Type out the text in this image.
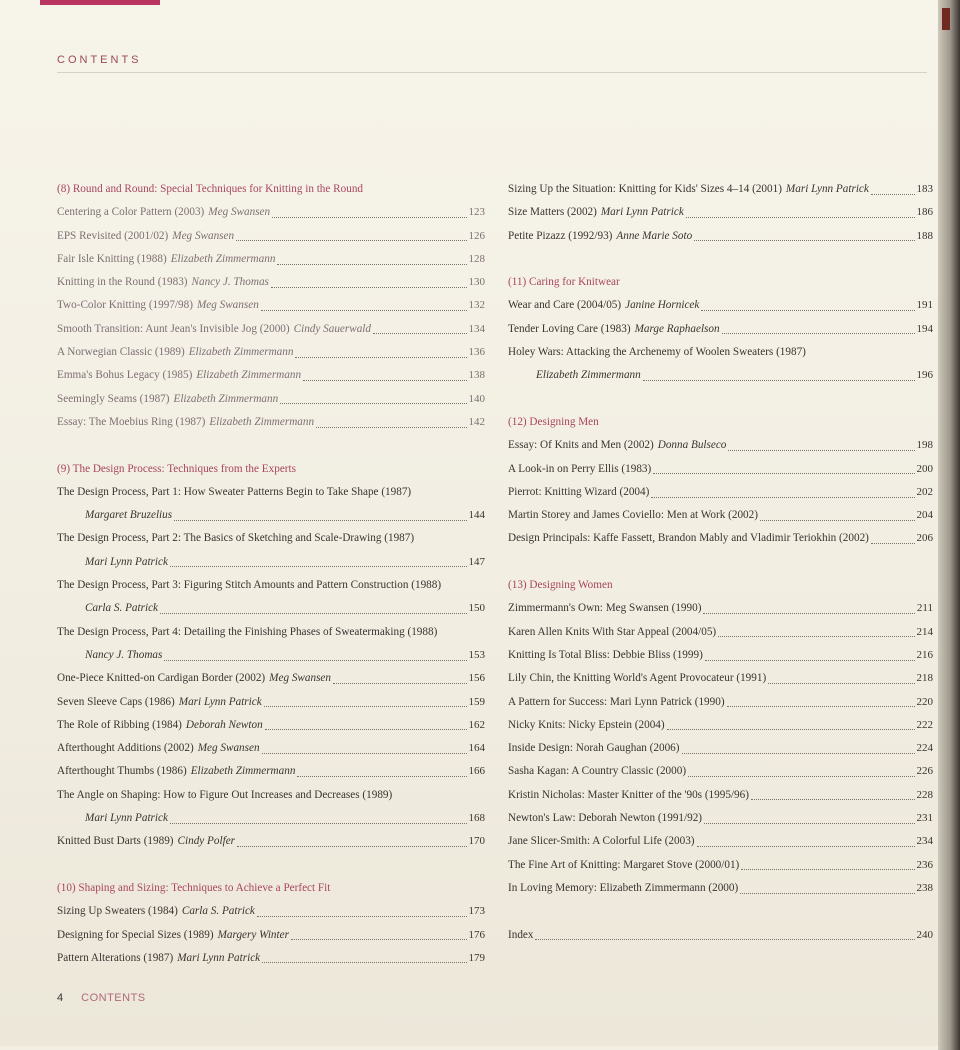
CONTENTS
(8) Round and Round: Special Techniques for Knitting in the Round
Centering a Color Pattern (2003) Meg Swansen	123
EPS Revisited (2001/02) Meg Swansen	126
Fair Isle Knitting (1988) Elizabeth Zimmermann	128
Knitting in the Round (1983) Nancy J. Thomas	130
Two-Color Knitting (1997/98) Meg Swansen	132
Smooth Transition: Aunt Jean's Invisible Jog (2000) Cindy Sauerwald	134
A Norwegian Classic (1989) Elizabeth Zimmermann	136
Emma's Bohus Legacy (1985) Elizabeth Zimmermann	138
Seemingly Seams (1987) Elizabeth Zimmermann	140
Essay: The Moebius Ring (1987) Elizabeth Zimmermann	142
(9) The Design Process: Techniques from the Experts
The Design Process, Part 1: How Sweater Patterns Begin to Take Shape (1987)
Margaret Bruzelius	144
The Design Process, Part 2: The Basics of Sketching and Scale-Drawing (1987)
Mari Lynn Patrick	147
The Design Process, Part 3: Figuring Stitch Amounts and Pattern Construction (1988)
Carla S. Patrick	150
The Design Process, Part 4: Detailing the Finishing Phases of Sweatermaking (1988)
Nancy J. Thomas	153
One-Piece Knitted-on Cardigan Border (2002) Meg Swansen	156
Seven Sleeve Caps (1986) Mari Lynn Patrick	159
The Role of Ribbing (1984) Deborah Newton	162
Afterthought Additions (2002) Meg Swansen	164
Afterthought Thumbs (1986) Elizabeth Zimmermann	166
The Angle on Shaping: How to Figure Out Increases and Decreases (1989)
Mari Lynn Patrick	168
Knitted Bust Darts (1989) Cindy Polfer	170
(10) Shaping and Sizing: Techniques to Achieve a Perfect Fit
Sizing Up Sweaters (1984) Carla S. Patrick	173
Designing for Special Sizes (1989) Margery Winter	176
Pattern Alterations (1987) Mari Lynn Patrick	179
Sizing Up the Situation: Knitting for Kids' Sizes 4–14 (2001) Mari Lynn Patrick	183
Size Matters (2002) Mari Lynn Patrick	186
Petite Pizazz (1992/93) Anne Marie Soto	188
(11) Caring for Knitwear
Wear and Care (2004/05) Janine Hornicek	191
Tender Loving Care (1983) Marge Raphaelson	194
Holey Wars: Attacking the Archenemy of Woolen Sweaters (1987)
Elizabeth Zimmermann	196
(12) Designing Men
Essay: Of Knits and Men (2002) Donna Bulseco	198
A Look-in on Perry Ellis (1983)	200
Pierrot: Knitting Wizard (2004)	202
Martin Storey and James Coviello: Men at Work (2002)	204
Design Principals: Kaffe Fassett, Brandon Mably and Vladimir Teriokhin (2002)	206
(13) Designing Women
Zimmermann's Own: Meg Swansen (1990)	211
Karen Allen Knits With Star Appeal (2004/05)	214
Knitting Is Total Bliss: Debbie Bliss (1999)	216
Lily Chin, the Knitting World's Agent Provocateur (1991)	218
A Pattern for Success: Mari Lynn Patrick (1990)	220
Nicky Knits: Nicky Epstein (2004)	222
Inside Design: Norah Gaughan (2006)	224
Sasha Kagan: A Country Classic (2000)	226
Kristin Nicholas: Master Knitter of the '90s (1995/96)	228
Newton's Law: Deborah Newton (1991/92)	231
Jane Slicer-Smith: A Colorful Life (2003)	234
The Fine Art of Knitting: Margaret Stove (2000/01)	236
In Loving Memory: Elizabeth Zimmermann (2000)	238
Index	240
4 CONTENTS
